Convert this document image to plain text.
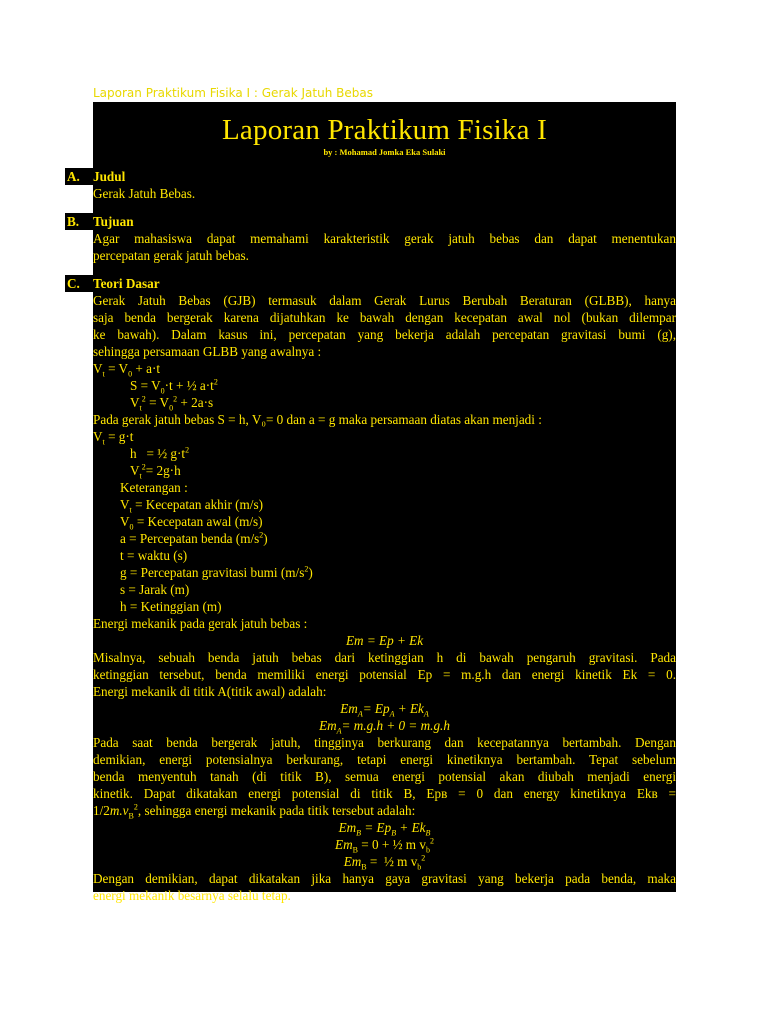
Laporan Praktikum Fisika I : Gerak Jatuh Bebas
Laporan Praktikum Fisika I
by : Mohamad Jomka Eka Sulaki
A. Judul

Gerak Jatuh Bebas.

B.	Tujuan

Agar mahasiswa dapat memahami karakteristik gerak jatuh bebas dan dapat menentukan

percepatan gerak jatuh bebas.

C. Teori Dasar

Gerak Jatuh Bebas (GJB) termasuk dalam Gerak Lurus Berubah Beraturan (GLBB), hanya

saja benda bergerak karena dijatuhkan ke bawah dengan kecepatan awal nol (bukan dilempar

ke bawah). Dalam kasus ini, percepatan yang bekerja adalah percepatan gravitasi bumi (g),

sehingga persamaan GLBB yang awalnya :

$V_t = V_0 + a\cdot t$

$S = V_0\cdot t$ + ½ $a\cdot t^2$

$V_t^2 = V_0^2 + 2a\cdot s$

Pada gerak jatuh bebas S = h, V₀= 0 dan a = g maka persamaan diatas akan menjadi :

$V_t = g\cdot t$

h   = ½ $g\cdot t^2$

$V_t^2= 2g\cdot h$

Keterangan :

$V_t$ = Kecepatan akhir (m/s)

$V_0$ = Kecepatan awal (m/s)

a = Percepatan benda $(m/s^2)$

t = waktu (s)

g = Percepatan gravitasi bumi $(m/s^2)$

s = Jarak (m)

h = Ketinggian (m)

Energi mekanik pada gerak jatuh bebas :

Em = Ep + Ek

Misalnya, sebuah benda jatuh bebas dari ketinggian h di bawah pengaruh gravitasi. Pada

ketinggian tersebut, benda memiliki energi potensial Ep = m.g.h dan energi kinetik Ek = 0.

Energi mekanik di titik A(titik awal) adalah:

$Em_A= Ep_A + Ek_A$

$Em_A= m.g.h + 0 = m.g.h$

Pada saat benda bergerak jatuh, tingginya berkurang dan kecepatannya bertambah. Dengan

demikian, energi potensialnya berkurang, tetapi energi kinetiknya bertambah. Tepat sebelum

benda menyentuh tanah (di titik B), semua energi potensial akan diubah menjadi energi

kinetik. Dapat dikatakan energi potensial di titik B, Epʙ = 0 dan energy kinetiknya Ekʙ =

$1/2m.v_B^2$, sehingga energi mekanik pada titik tersebut adalah:

$Em_B = Ep_B + Ek_B$

$Em_B = 0$ + ½ m $v_b^2$

$Em_B$ =  ½ m $v_b^2$

Dengan demikian, dapat dikatakan jika hanya gaya gravitasi yang bekerja pada benda, maka

energi mekanik besarnya selalu tetap.
